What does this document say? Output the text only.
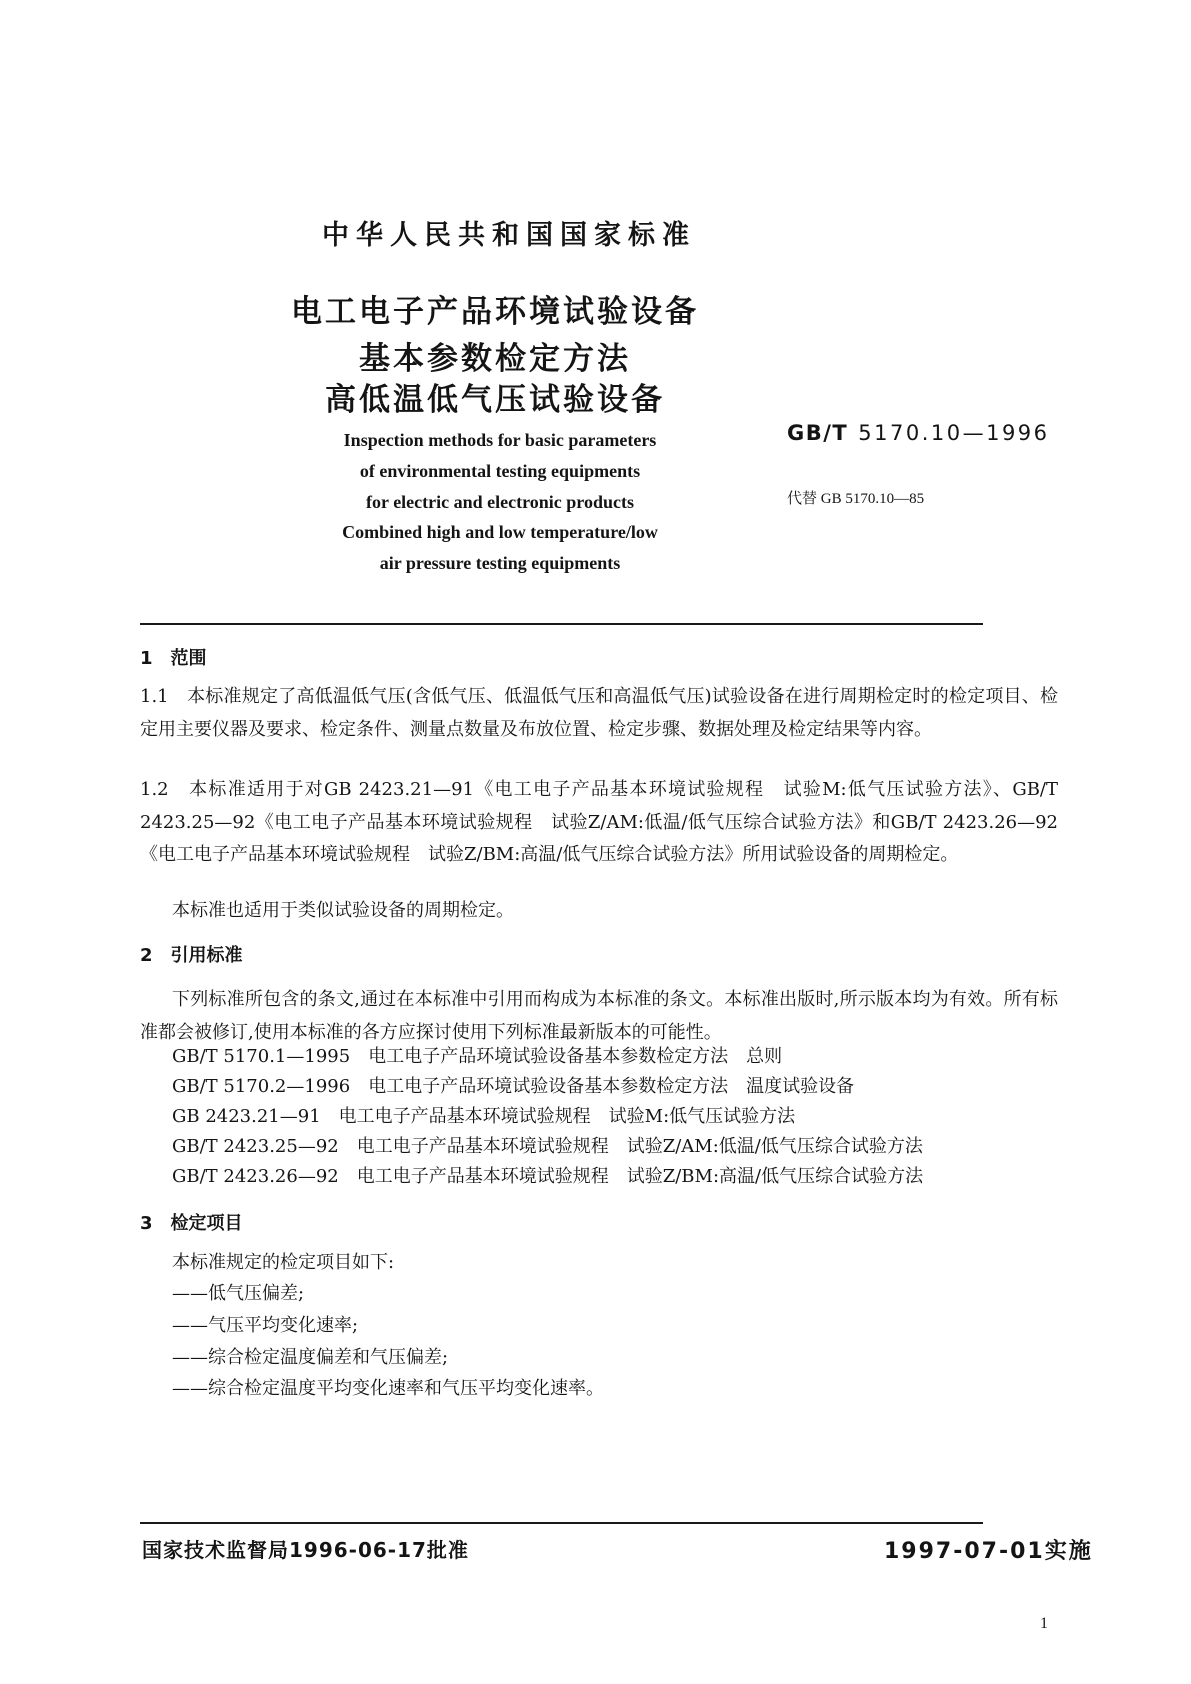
中华人民共和国国家标准
电工电子产品环境试验设备
基本参数检定方法
高低温低气压试验设备
GB/T 5170.10—1996
代替 GB 5170.10—85
Inspection methods for basic parameters
of environmental testing equipments
for electric and electronic products
Combined high and low temperature/low
air pressure testing equipments
1　范围
1.1　本标准规定了高低温低气压(含低气压、低温低气压和高温低气压)试验设备在进行周期检定时的检定项目、检定用主要仪器及要求、检定条件、测量点数量及布放位置、检定步骤、数据处理及检定结果等内容。
1.2　本标准适用于对GB 2423.21—91《电工电子产品基本环境试验规程　试验M:低气压试验方法》、GB/T 2423.25—92《电工电子产品基本环境试验规程　试验Z/AM:低温/低气压综合试验方法》和GB/T 2423.26—92《电工电子产品基本环境试验规程　试验Z/BM:高温/低气压综合试验方法》所用试验设备的周期检定。
本标准也适用于类似试验设备的周期检定。
2　引用标准
下列标准所包含的条文,通过在本标准中引用而构成为本标准的条文。本标准出版时,所示版本均为有效。所有标准都会被修订,使用本标准的各方应探讨使用下列标准最新版本的可能性。
GB/T 5170.1—1995　电工电子产品环境试验设备基本参数检定方法　总则
GB/T 5170.2—1996　电工电子产品环境试验设备基本参数检定方法　温度试验设备
GB 2423.21—91　电工电子产品基本环境试验规程　试验M:低气压试验方法
GB/T 2423.25—92　电工电子产品基本环境试验规程　试验Z/AM:低温/低气压综合试验方法
GB/T 2423.26—92　电工电子产品基本环境试验规程　试验Z/BM:高温/低气压综合试验方法
3　检定项目
本标准规定的检定项目如下:
——低气压偏差;
——气压平均变化速率;
——综合检定温度偏差和气压偏差;
——综合检定温度平均变化速率和气压平均变化速率。
国家技术监督局1996-06-17批准	1997-07-01实施
1
